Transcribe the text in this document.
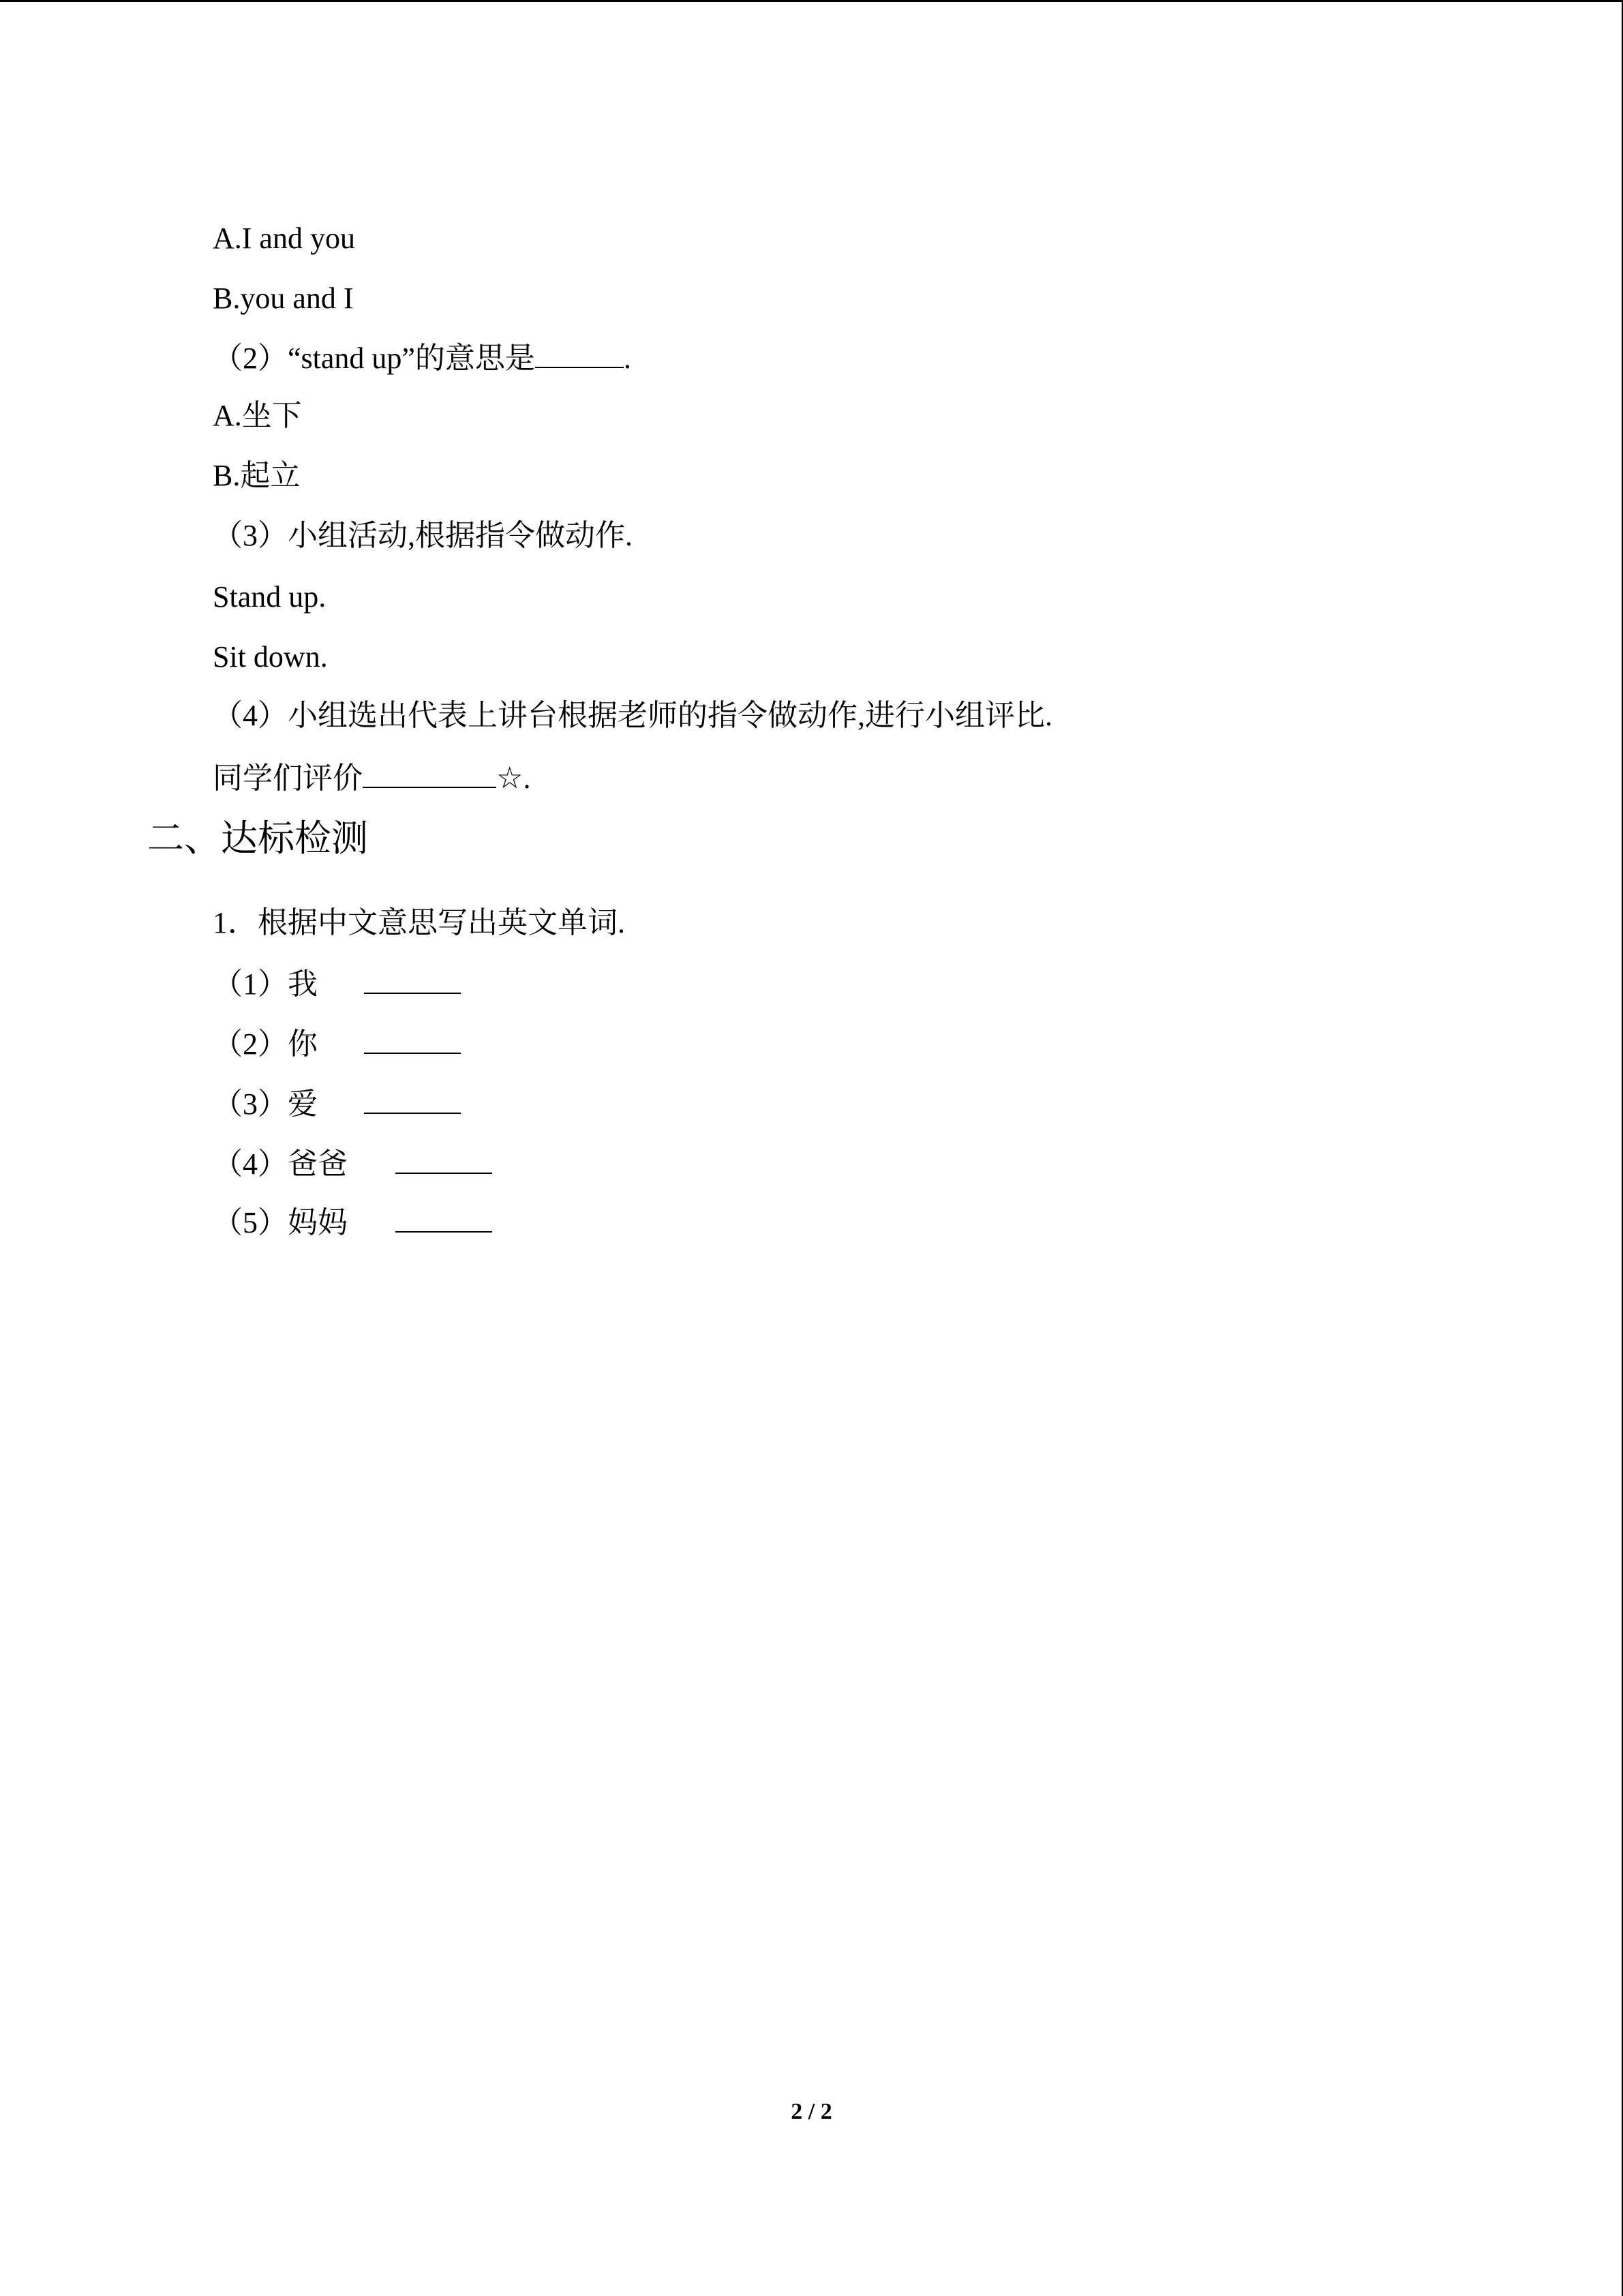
A.I and you

B.you and I

（2）“stand up”的意思是	.

A.坐下

B.起立

（3）小组活动,根据指令做动作.

Stand up.

Sit down.

（4）小组选出代表上讲台根据老师的指令做动作,进行小组评比.

同学们评价	☆.

二、达标检测

1．根据中文意思写出英文单词.

（1）我

（2）你

（3）爱

（4）爸爸

（5）妈妈

2 / 2
